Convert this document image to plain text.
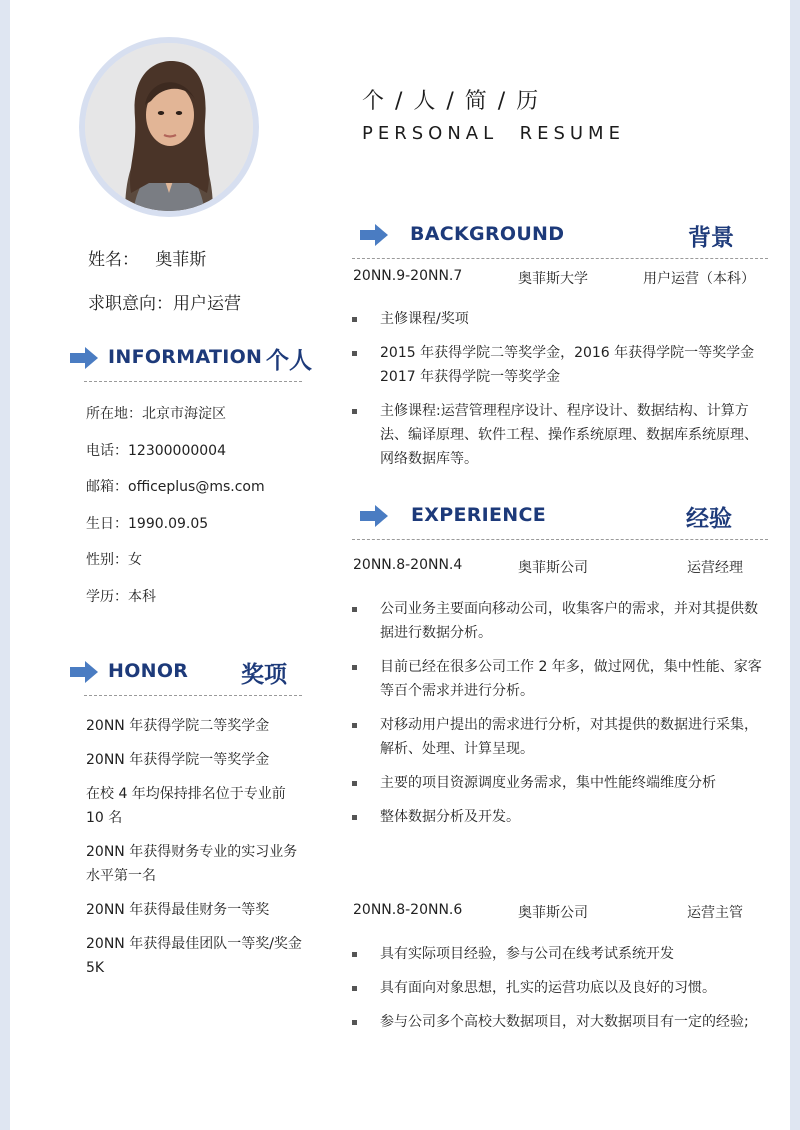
个 / 人 / 简 / 历
PERSONAL  RESUME
姓名：   奥菲斯
求职意向：用户运营
INFORMATION 个人
所在地：北京市海淀区
电话：12300000004
邮箱：officeplus@ms.com
生日：1990.09.05
性别：女
学历：本科
HONOR 奖项
20NN 年获得学院二等奖学金
20NN 年获得学院一等奖学金
在校 4 年均保持排名位于专业前 10 名
20NN 年获得财务专业的实习业务水平第一名
20NN 年获得最佳财务一等奖
20NN 年获得最佳团队一等奖/奖金 5K
BACKGROUND	背景
20NN.9-20NN.7	奥菲斯大学	用户运营（本科）
主修课程/奖项
2015 年获得学院二等奖学金，2016 年获得学院一等奖学金 2017 年获得学院一等奖学金
主修课程:运营管理程序设计、程序设计、数据结构、计算方法、编译原理、软件工程、操作系统原理、数据库系统原理、网络数据库等。
EXPERIENCE	经验
20NN.8-20NN.4	奥菲斯公司	运营经理
公司业务主要面向移动公司，收集客户的需求，并对其提供数据进行数据分析。
目前已经在很多公司工作 2 年多，做过网优，集中性能、家客等百个需求并进行分析。
对移动用户提出的需求进行分析，对其提供的数据进行采集，解析、处理、计算呈现。
主要的项目资源调度业务需求，集中性能终端维度分析
整体数据分析及开发。
20NN.8-20NN.6	奥菲斯公司	运营主管
具有实际项目经验，参与公司在线考试系统开发
具有面向对象思想，扎实的运营功底以及良好的习惯。
参与公司多个高校大数据项目，对大数据项目有一定的经验;
